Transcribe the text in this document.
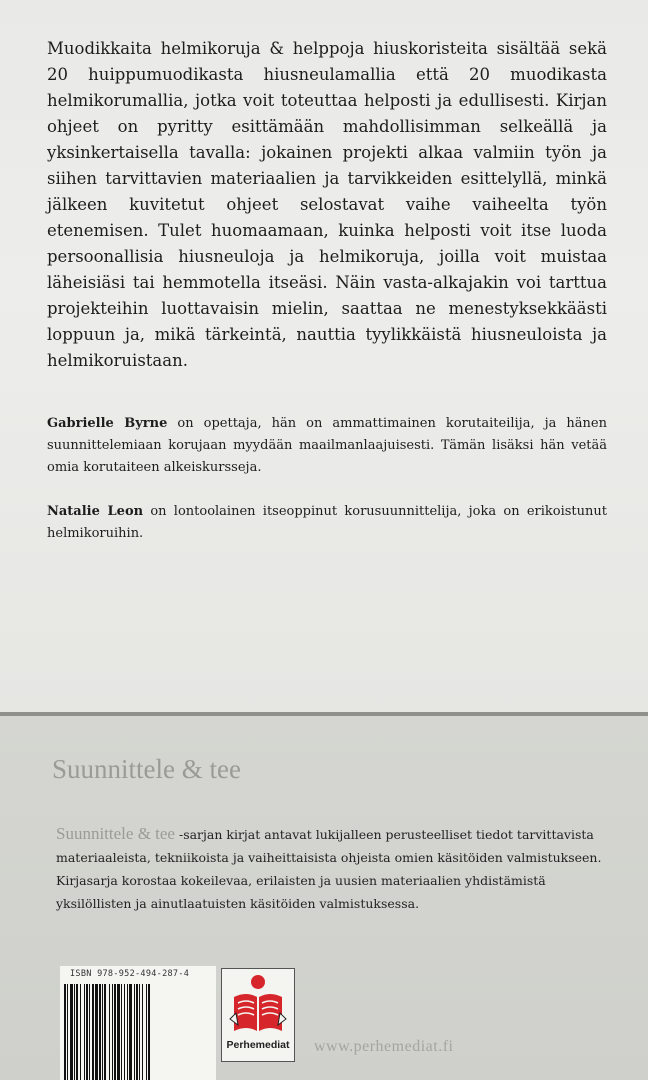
Muodikkaita helmikoruja & helppoja hiuskoristeita sisältää sekä 20 huippumuodikasta hiusneulamallia että 20 muodikasta helmikorumallia, jotka voit toteuttaa helposti ja edullisesti. Kirjan ohjeet on pyritty esittämään mahdollisimman selkeällä ja yksinkertaisella tavalla: jokainen projekti alkaa valmiin työn ja siihen tarvittavien materiaalien ja tarvikkeiden esittelyllä, minkä jälkeen kuvitetut ohjeet selostavat vaihe vaiheelta työn etenemisen. Tulet huomaamaan, kuinka helposti voit itse luoda persoonallisia hiusneuloja ja helmikoruja, joilla voit muistaa läheisiäsi tai hemmotella itseäsi. Näin vasta-alkajakin voi tarttua projekteihin luottavaisin mielin, saattaa ne menestyksekkäästi loppuun ja, mikä tärkeintä, nauttia tyylikkäistä hiusneuloista ja helmikoruistaan.

Gabrielle Byrne on opettaja, hän on ammattimainen korutaiteilija, ja hänen suunnittelemiaan korujaan myydään maailmanlaajuisesti. Tämän lisäksi hän vetää omia korutaiteen alkeiskursseja.

Natalie Leon on lontoolainen itseoppinut korusuunnittelija, joka on erikoistunut helmikoruihin.

Suunnittele & tee

Suunnittele & tee -sarjan kirjat antavat lukijalleen perusteelliset tiedot tarvittavista materiaaleista, tekniikoista ja vaiheittaisista ohjeista omien käsitöiden valmistukseen. Kirjasarja korostaa kokeilevaa, erilaisten ja uusien materiaalien yhdistämistä yksilöllisten ja ainutlaatuisten käsitöiden valmistuksessa.

ISBN 978-952-494-287-4

Perhemediat www.perhemediat.fi
